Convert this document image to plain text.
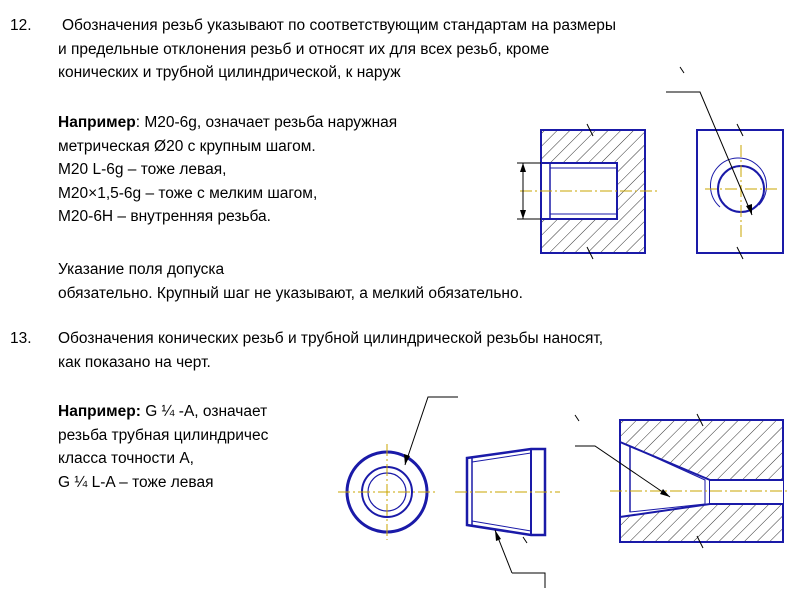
12. Обозначения резьб указывают по соответствующим стандартам на размеры
и предельные отклонения резьб и относят их для всех резьб, кроме
конических и трубной цилиндрической, к наруж
Например: М20-6g, означает резьба наружная
метрическая Ø20 с крупным шагом.
М20 L-6g – тоже левая,
М20×1,5-6g – тоже с мелким шагом,
М20-6Н – внутренняя резьба.
Указание поля допуска
обязательно. Крупный шаг не указывают, а мелкий обязательно.
13. Обозначения конических резьб и трубной цилиндрической резьбы наносят,
как показано на черт.
Например: G ¼ -A, означает
резьба трубная цилиндричес
класса точности А,
G ¼ L-A – тоже левая
